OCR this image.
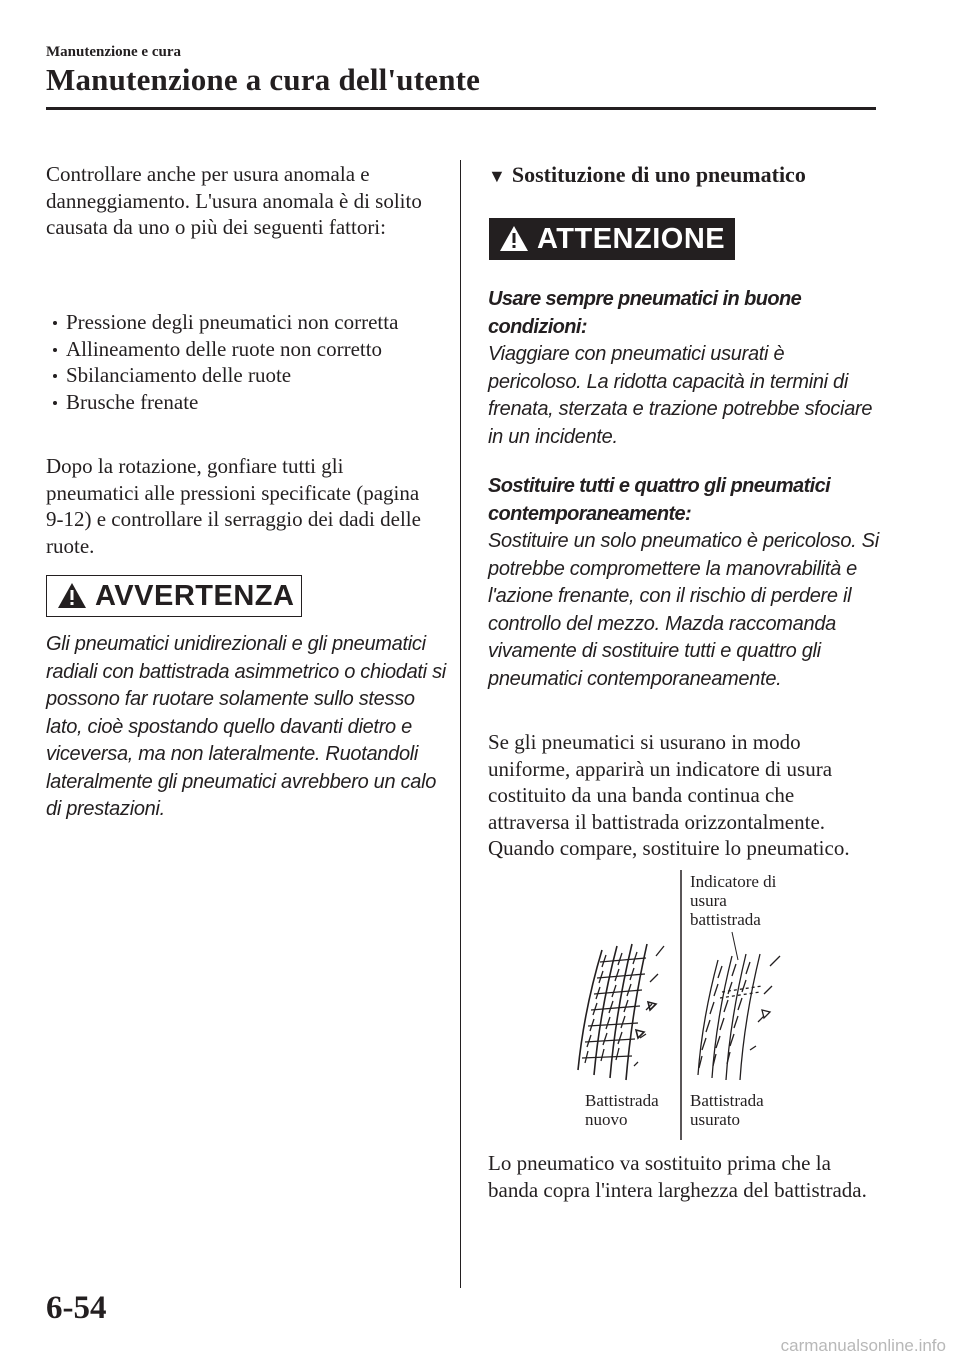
Manutenzione e cura
Manutenzione a cura dell'utente
Controllare anche per usura anomala e danneggiamento. L'usura anomala è di solito causata da uno o più dei seguenti fattori:
Pressione degli pneumatici non corretta
Allineamento delle ruote non corretto
Sbilanciamento delle ruote
Brusche frenate
Dopo la rotazione, gonfiare tutti gli pneumatici alle pressioni specificate (pagina 9-12) e controllare il serraggio dei dadi delle ruote.
AVVERTENZA
Gli pneumatici unidirezionali e gli pneumatici radiali con battistrada asimmetrico o chiodati si possono far ruotare solamente sullo stesso lato, cioè spostando quello davanti dietro e viceversa, ma non lateralmente. Ruotandoli lateralmente gli pneumatici avrebbero un calo di prestazioni.
▼ Sostituzione di uno pneumatico
ATTENZIONE
Usare sempre pneumatici in buone condizioni:
Viaggiare con pneumatici usurati è pericoloso. La ridotta capacità in termini di frenata, sterzata e trazione potrebbe sfociare in un incidente.
Sostituire tutti e quattro gli pneumatici contemporaneamente:
Sostituire un solo pneumatico è pericoloso. Si potrebbe compromettere la manovrabilità e l'azione frenante, con il rischio di perdere il controllo del mezzo. Mazda raccomanda vivamente di sostituire tutti e quattro gli pneumatici contemporaneamente.
Se gli pneumatici si usurano in modo uniforme, apparirà un indicatore di usura costituito da una banda continua che attraversa il battistrada orizzontalmente. Quando compare, sostituire lo pneumatico.
Indicatore di usura battistrada
Battistrada nuovo
Battistrada usurato
Lo pneumatico va sostituito prima che la banda copra l'intera larghezza del battistrada.
6-54
carmanualsonline.info
